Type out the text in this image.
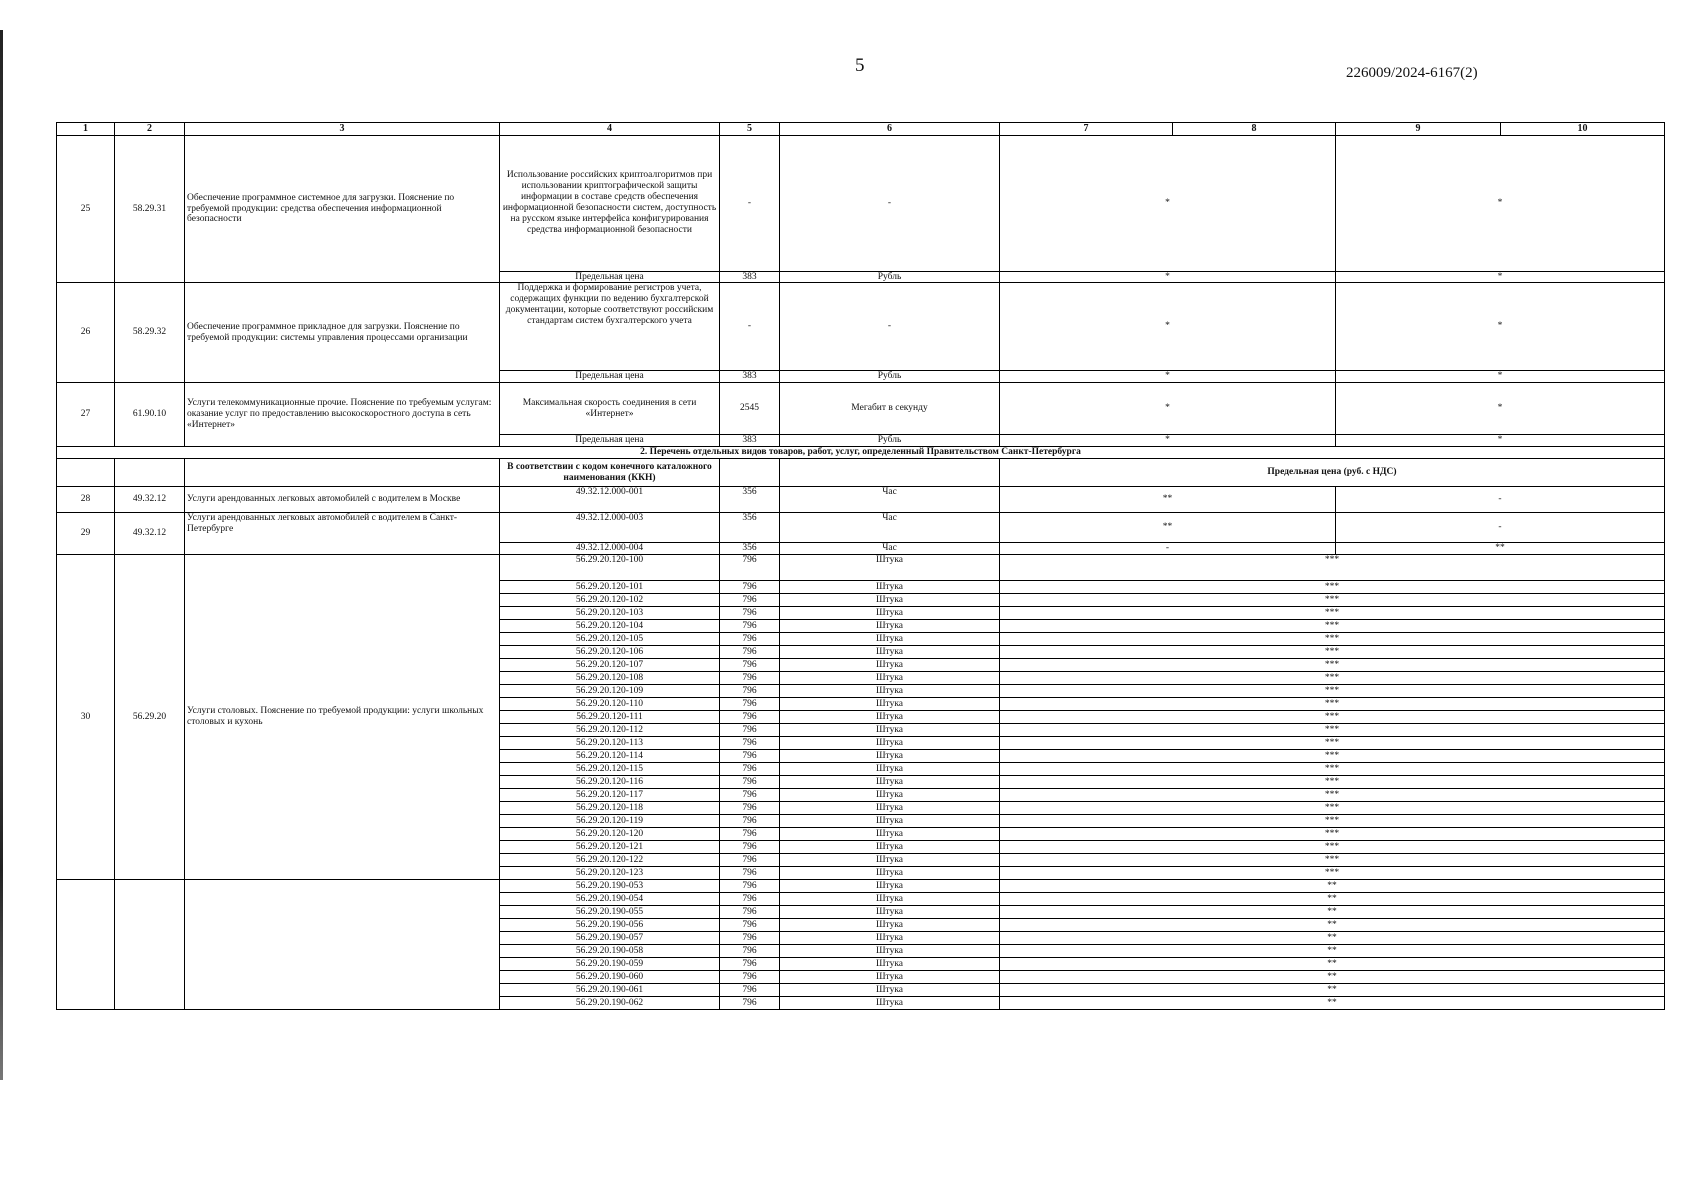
5	226009/2024-6167(2)
1	2	3	4	5	6	7	8	9	10
25	58.29.31	Обеспечение программное системное для загрузки. Пояснение по требуемой продукции: средства обеспечения информационной безопасности	Использование российских криптоалгоритмов при использовании криптографической защиты информации в составе средств обеспечения информационной безопасности систем, доступность на русском языке интерфейса конфигурирования средства информационной безопасности	-	-	*		*	
			Предельная цена	383	Рубль	*		*	
26	58.29.32	Обеспечение программное прикладное для загрузки. Пояснение по требуемой продукции: системы управления процессами организации	Поддержка и формирование регистров учета, содержащих функции по ведению бухгалтерской документации, которые соответствуют российским стандартам систем бухгалтерского учета	-	-	*		*	
			Предельная цена	383	Рубль	*		*	
27	61.90.10	Услуги телекоммуникационные прочие. Пояснение по требуемым услугам: оказание услуг по предоставлению высокоскоростного доступа в сеть «Интернет»	Максимальная скорость соединения в сети «Интернет»	2545	Мегабит в секунду	*		*	
			Предельная цена	383	Рубль	*		*	
2. Перечень отдельных видов товаров, работ, услуг, определенный Правительством Санкт-Петербурга									
			В соответствии с кодом конечного каталожного наименования (ККН)			Предельная цена (руб. с НДС)			
28	49.32.12	Услуги арендованных легковых автомобилей с водителем в Москве	49.32.12.000-001	356	Час	**		-	
29	49.32.12	Услуги арендованных легковых автомобилей с водителем в Санкт-Петербурге	49.32.12.000-003	356	Час	**		-	
			49.32.12.000-004	356	Час	-		**	
30	56.29.20	Услуги столовых. Пояснение по требуемой продукции: услуги школьных столовых и кухонь	56.29.20.120-100	796	Штука	***			
			56.29.20.120-101	796	Штука	***			
			56.29.20.120-102	796	Штука	***			
			56.29.20.120-103	796	Штука	***			
			56.29.20.120-104	796	Штука	***			
			56.29.20.120-105	796	Штука	***			
			56.29.20.120-106	796	Штука	***			
			56.29.20.120-107	796	Штука	***			
			56.29.20.120-108	796	Штука	***			
			56.29.20.120-109	796	Штука	***			
			56.29.20.120-110	796	Штука	***			
			56.29.20.120-111	796	Штука	***			
			56.29.20.120-112	796	Штука	***			
			56.29.20.120-113	796	Штука	***			
			56.29.20.120-114	796	Штука	***			
			56.29.20.120-115	796	Штука	***			
			56.29.20.120-116	796	Штука	***			
			56.29.20.120-117	796	Штука	***			
			56.29.20.120-118	796	Штука	***			
			56.29.20.120-119	796	Штука	***			
			56.29.20.120-120	796	Штука	***			
			56.29.20.120-121	796	Штука	***			
			56.29.20.120-122	796	Штука	***			
			56.29.20.120-123	796	Штука	***			
			56.29.20.190-053	796	Штука	**			
			56.29.20.190-054	796	Штука	**			
			56.29.20.190-055	796	Штука	**			
			56.29.20.190-056	796	Штука	**			
			56.29.20.190-057	796	Штука	**			
			56.29.20.190-058	796	Штука	**			
			56.29.20.190-059	796	Штука	**			
			56.29.20.190-060	796	Штука	**			
			56.29.20.190-061	796	Штука	**			
			56.29.20.190-062	796	Штука	**			
